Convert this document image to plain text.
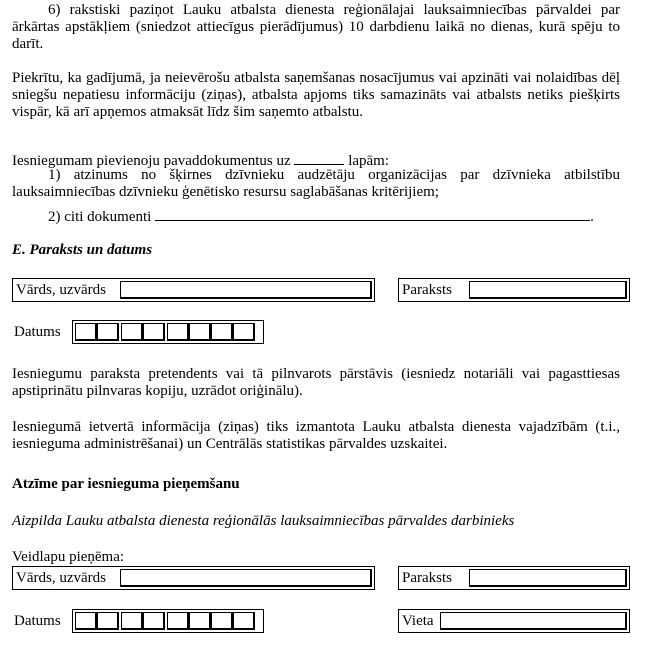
6) rakstiski paziņot Lauku atbalsta dienesta reģionālajai lauksaimniecības pārvaldei par ārkārtas apstākļiem (sniedzot attiecīgus pierādījumus) 10 darbdienu laikā no dienas, kurā spēju to darīt.
Piekrītu, ka gadījumā, ja neievērošu atbalsta saņemšanas nosacījumus vai apzināti vai nolaidības dēļ sniegšu nepatiesu informāciju (ziņas), atbalsta apjoms tiks samazināts vai atbalsts netiks piešķirts vispār, kā arī apņemos atmaksāt līdz šim saņemto atbalstu.
Iesniegumam pievienoju pavaddokumentus uz	lapām:
1) atzinums no šķirnes dzīvnieku audzētāju organizācijas par dzīvnieka atbilstību lauksaimniecības dzīvnieku ģenētisko resursu saglabāšanas kritērijiem;
2) citi dokumenti	.
E. Paraksts un datums
Vārds, uzvārds	Paraksts
Datums	.	.
Iesniegumu paraksta pretendents vai tā pilnvarots pārstāvis (iesniedz notariāli vai pagasttiesas apstiprinātu pilnvaras kopiju, uzrādot oriģinālu).
Iesniegumā ietvertā informācija (ziņas) tiks izmantota Lauku atbalsta dienesta vajadzībām (t.i., iesnieguma administrēšanai) un Centrālās statistikas pārvaldes uzskaitei.
Atzīme par iesnieguma pieņemšanu
Aizpilda Lauku atbalsta dienesta reģionālās lauksaimniecības pārvaldes darbinieks
Veidlapu pieņēma:
Vārds, uzvārds	Paraksts
Datums	.	.	Vieta
